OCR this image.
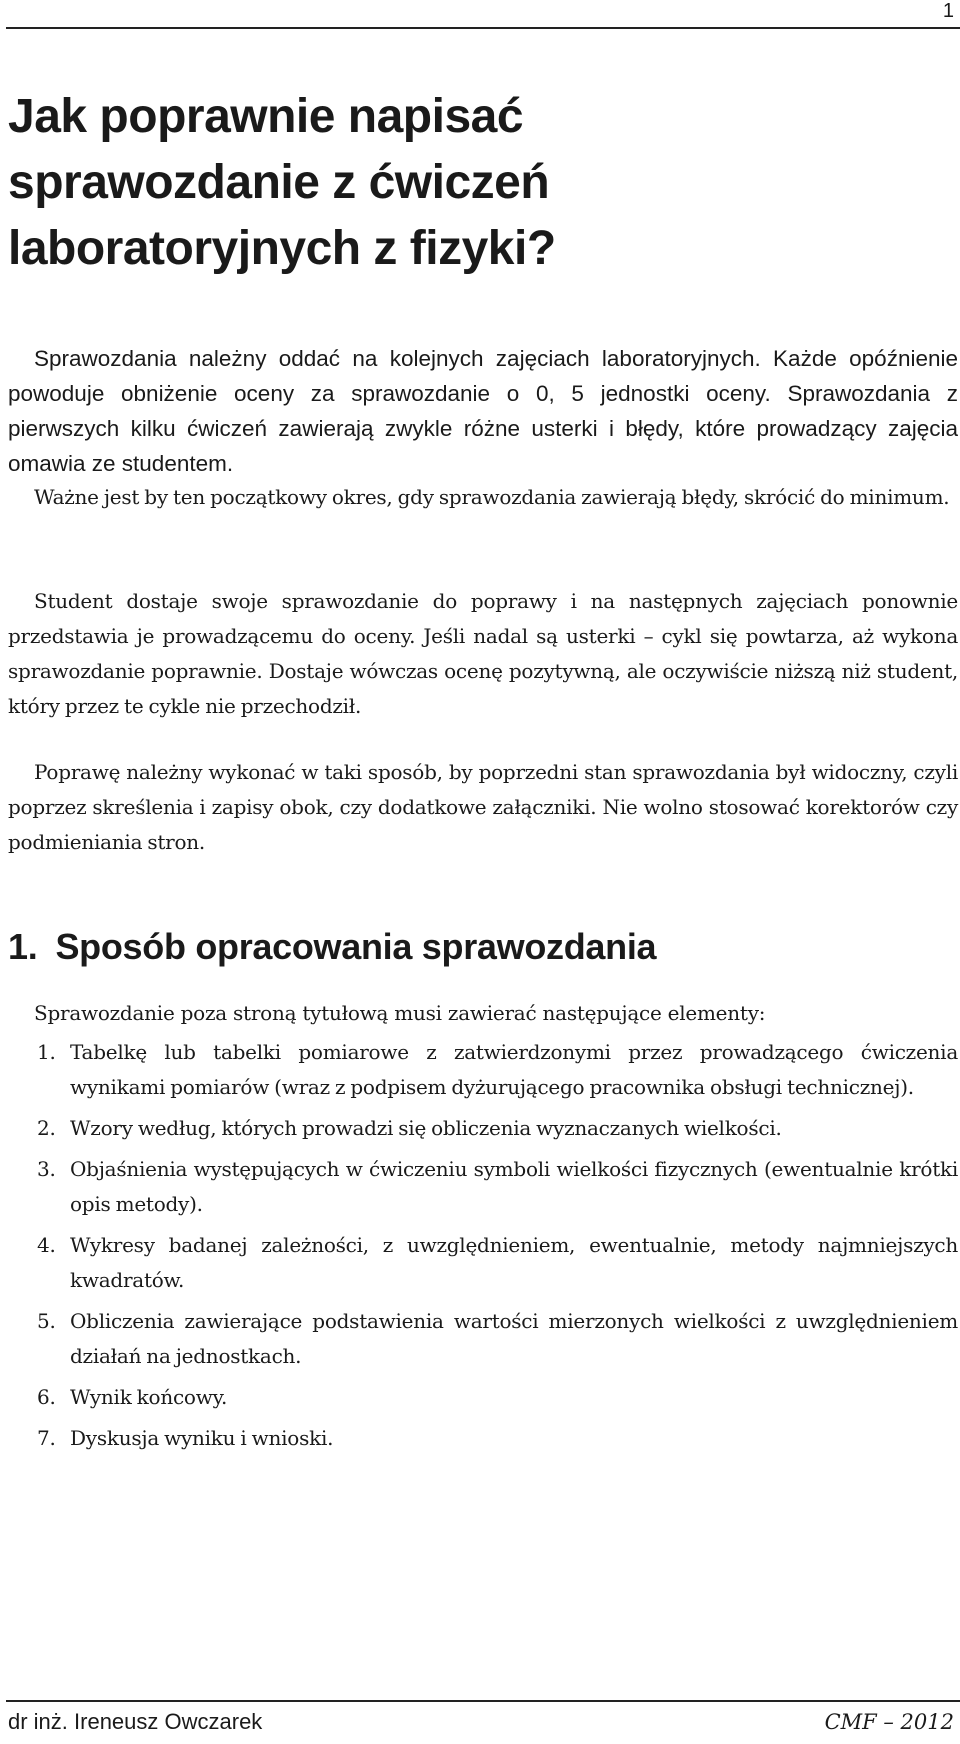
1
Jak poprawnie napisać
sprawozdanie z ćwiczeń
laboratoryjnych z fizyki?

Sprawozdania należny oddać na kolejnych zajęciach laboratoryjnych. Każde opóźnienie powoduje obniżenie oceny za sprawozdanie o 0, 5 jednostki oceny. Sprawozdania z pierwszych kilku ćwiczeń zawierają zwykle różne usterki i błędy, które prowadzący zajęcia omawia ze studentem.

Ważne jest by ten początkowy okres, gdy sprawozdania zawierają błędy, skrócić do minimum.

Student dostaje swoje sprawozdanie do poprawy i na następnych zajęciach ponownie przedstawia je prowadzącemu do oceny. Jeśli nadal są usterki – cykl się powtarza, aż wykona sprawozdanie poprawnie. Dostaje wówczas ocenę pozytywną, ale oczywiście niższą niż student, który przez te cykle nie przechodził.

Poprawę należny wykonać w taki sposób, by poprzedni stan sprawozdania był widoczny, czyli poprzez skreślenia i zapisy obok, czy dodatkowe załączniki. Nie wolno stosować korektorów czy podmieniania stron.

1. Sposób opracowania sprawozdania

Sprawozdanie poza stroną tytułową musi zawierać następujące elementy:

1. Tabelkę lub tabelki pomiarowe z zatwierdzonymi przez prowadzącego ćwiczenia wynikami pomiarów (wraz z podpisem dyżurującego pracownika obsługi technicznej).
2. Wzory według, których prowadzi się obliczenia wyznaczanych wielkości.
3. Objaśnienia występujących w ćwiczeniu symboli wielkości fizycznych (ewentualnie krótki opis metody).
4. Wykresy badanej zależności, z uwzględnieniem, ewentualnie, metody najmniejszych kwadratów.
5. Obliczenia zawierające podstawienia wartości mierzonych wielkości z uwzględnieniem działań na jednostkach.
6. Wynik końcowy.
7. Dyskusja wyniku i wnioski.
dr inż. Ireneusz Owczarek	CMF – 2012
